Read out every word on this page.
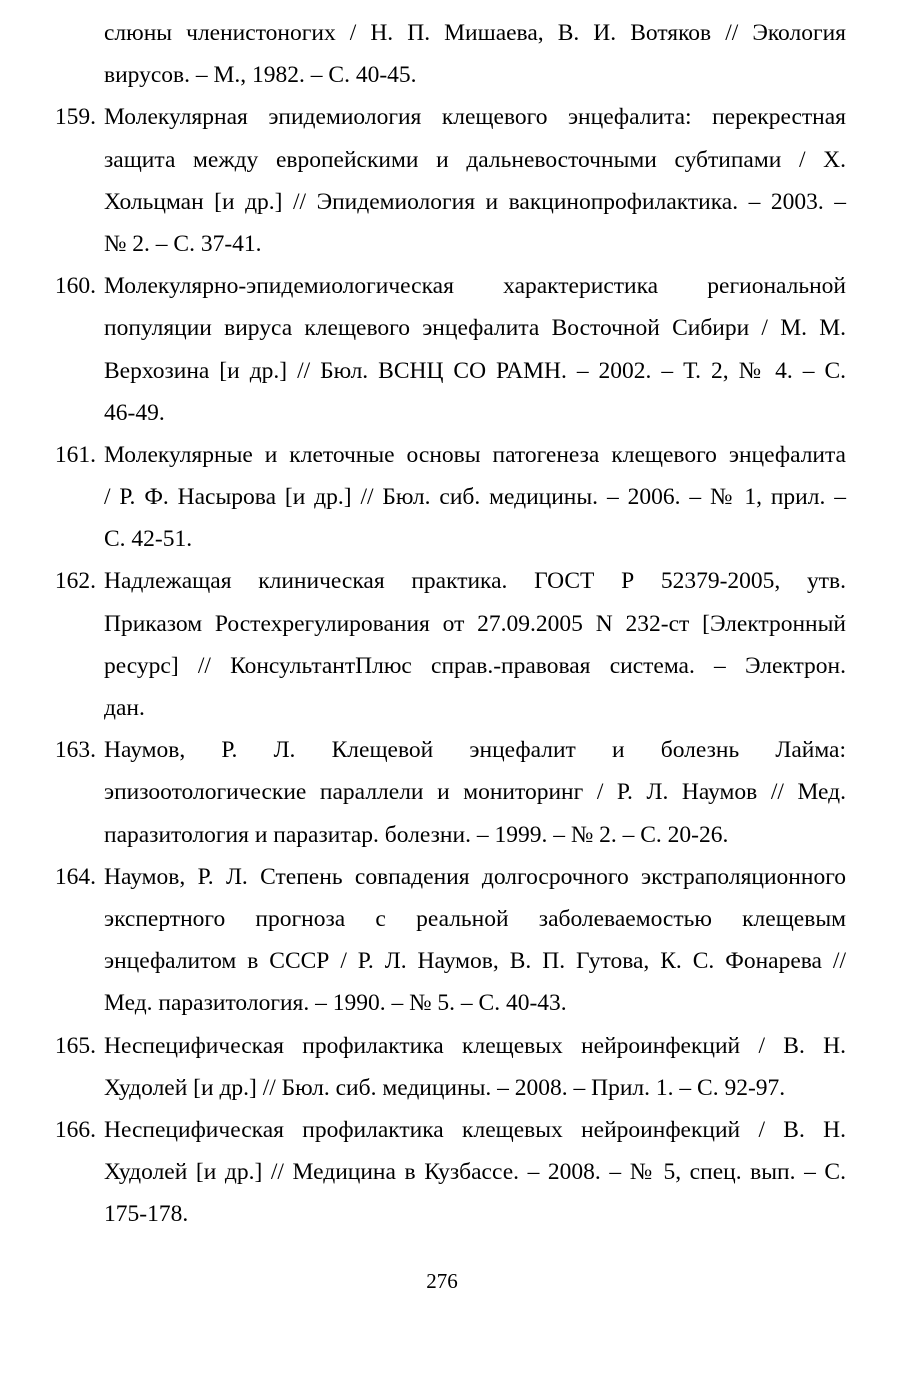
слюны членистоногих / Н. П. Мишаева, В. И. Вотяков // Экология
вирусов. – М., 1982. – С. 40-45.
159. Молекулярная эпидемиология клещевого энцефалита: перекрестная
защита между европейскими и дальневосточными субтипами / Х.
Хольцман [и др.] // Эпидемиология и вакцинопрофилактика. – 2003. –
№ 2. – С. 37-41.
160. Молекулярно-эпидемиологическая характеристика региональной
популяции вируса клещевого энцефалита Восточной Сибири / М. М.
Верхозина [и др.] // Бюл. ВСНЦ СО РАМН. – 2002. – Т. 2, № 4. – С.
46-49.
161. Молекулярные и клеточные основы патогенеза клещевого энцефалита
/ Р. Ф. Насырова [и др.] // Бюл. сиб. медицины. – 2006. – № 1, прил. –
С. 42-51.
162. Надлежащая клиническая практика. ГОСТ Р 52379-2005, утв.
Приказом Ростехрегулирования от 27.09.2005 N 232-ст [Электронный
ресурс] // КонсультантПлюс справ.-правовая система. – Электрон.
дан.
163. Наумов, Р. Л. Клещевой энцефалит и болезнь Лайма:
эпизоотологические параллели и мониторинг / Р. Л. Наумов // Мед.
паразитология и паразитар. болезни. – 1999. – № 2. – С. 20-26.
164. Наумов, Р. Л. Степень совпадения долгосрочного экстраполяционного
экспертного прогноза с реальной заболеваемостью клещевым
энцефалитом в СССР / Р. Л. Наумов, В. П. Гутова, К. С. Фонарева //
Мед. паразитология. – 1990. – № 5. – С. 40-43.
165. Неспецифическая профилактика клещевых нейроинфекций / В. Н.
Худолей [и др.] // Бюл. сиб. медицины. – 2008. – Прил. 1. – С. 92-97.
166. Неспецифическая профилактика клещевых нейроинфекций / В. Н.
Худолей [и др.] // Медицина в Кузбассе. – 2008. – № 5, спец. вып. – С.
175-178.
276
